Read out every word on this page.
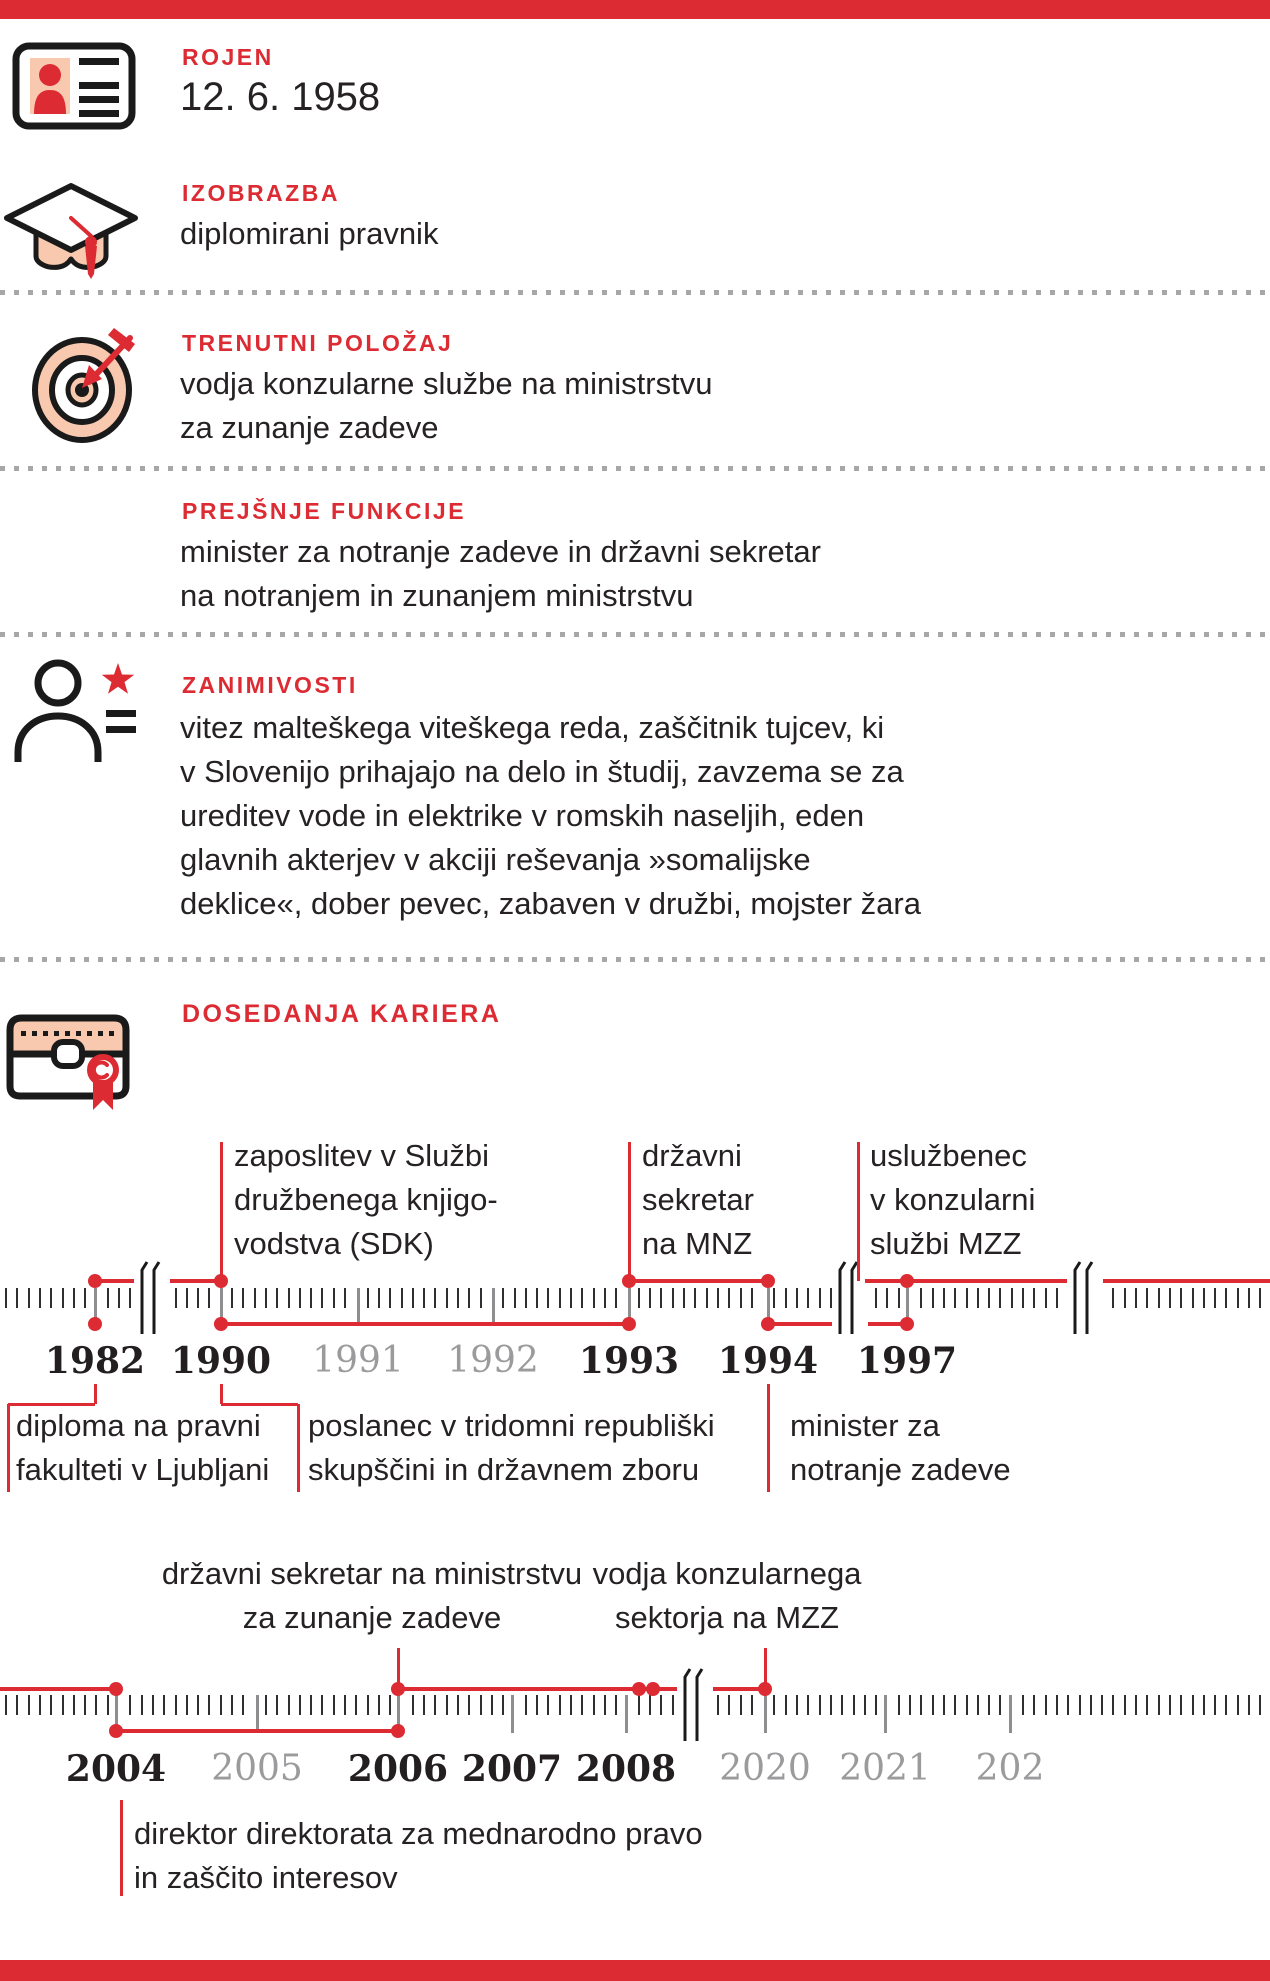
ROJEN
12. 6. 1958
IZOBRAZBA
diplomirani pravnik
TRENUTNI POLOŽAJ
vodja konzularne službe na ministrstvu
za zunanje zadeve
PREJŠNJE FUNKCIJE
minister za notranje zadeve in državni sekretar
na notranjem in zunanjem ministrstvu
ZANIMIVOSTI
vitez malteškega viteškega reda, zaščitnik tujcev, ki
v Slovenijo prihajajo na delo in študij, zavzema se za
ureditev vode in elektrike v romskih naseljih, eden
glavnih akterjev v akciji reševanja »somalijske
deklice«, dober pevec, zabaven v družbi, mojster žara
DOSEDANJA KARIERA
1982 1990 1991 1992 1993 1994 1997
zaposlitev v Službi
družbenega knjigo-
vodstva (SDK)
državni
sekretar
na MNZ
uslužbenec
v konzularni
službi MZZ
diploma na pravni
fakulteti v Ljubljani
poslanec v tridomni republiški
skupščini in državnem zboru
minister za
notranje zadeve
2004 2005 2006 2007 2008 2020 2021 202
državni sekretar na ministrstvu
za zunanje zadeve
vodja konzularnega
sektorja na MZZ
direktor direktorata za mednarodno pravo
in zaščito interesov
